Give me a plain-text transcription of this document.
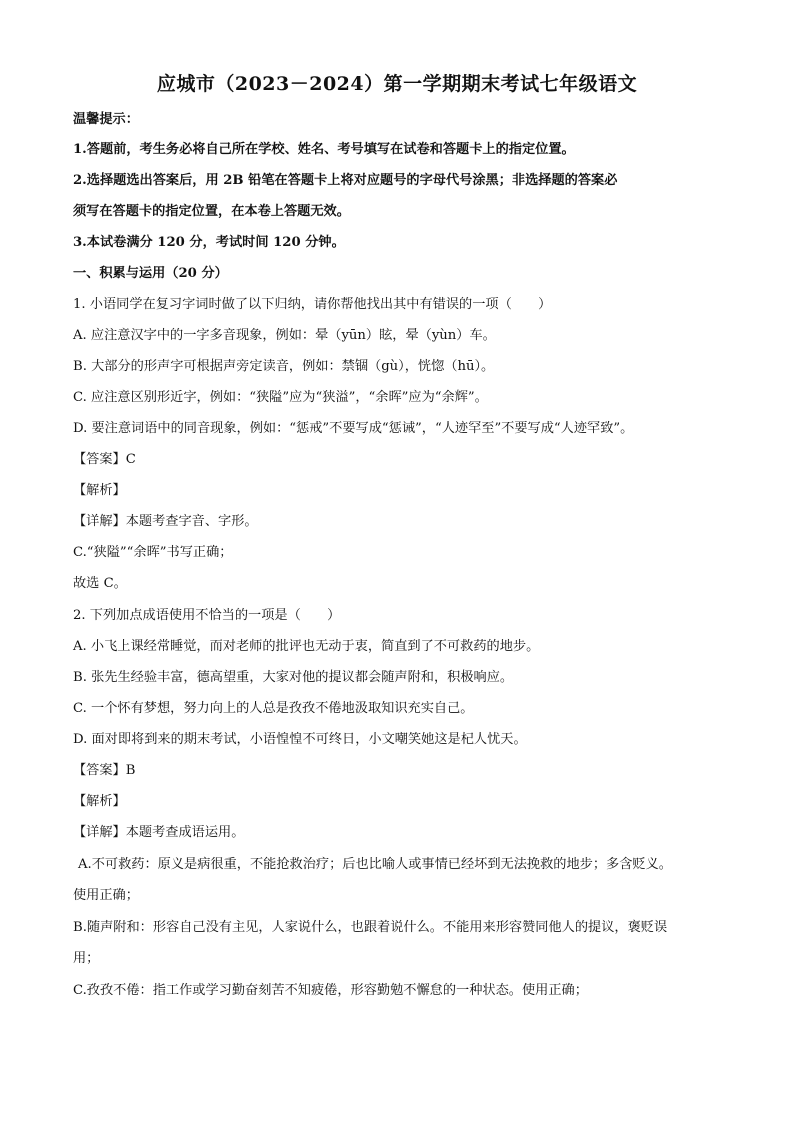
应城市（2023－2024）第一学期期末考试七年级语文
温馨提示：
1.答题前，考生务必将自己所在学校、姓名、考号填写在试卷和答题卡上的指定位置。
2.选择题选出答案后，用 2B 铅笔在答题卡上将对应题号的字母代号涂黑；非选择题的答案必
须写在答题卡的指定位置，在本卷上答题无效。
3.本试卷满分 120 分，考试时间 120 分钟。
一、积累与运用（20 分）
1. 小语同学在复习字词时做了以下归纳，请你帮他找出其中有错误的一项（　　）
A. 应注意汉字中的一字多音现象，例如：晕（yūn）眩，晕（yùn）车。
B. 大部分的形声字可根据声旁定读音，例如：禁锢（gù），恍惚（hū）。
C. 应注意区别形近字，例如：“狭隘”应为“狭溢”，“余晖”应为“余辉”。
D. 要注意词语中的同音现象，例如：“惩戒”不要写成“惩诫”，“人迹罕至”不要写成“人迹罕致”。
【答案】C
【解析】
【详解】本题考查字音、字形。
C.“狭隘”“余晖”书写正确；
故选 C。
2. 下列加点成语使用不恰当的一项是（　　）
A. 小飞上课经常睡觉，而对老师的批评也无动于衷，简直到了不可救药的地步。
B. 张先生经验丰富，德高望重，大家对他的提议都会随声附和，积极响应。
C. 一个怀有梦想，努力向上的人总是孜孜不倦地汲取知识充实自己。
D. 面对即将到来的期末考试，小语惶惶不可终日，小文嘲笑她这是杞人忧天。
【答案】B
【解析】
【详解】本题考查成语运用。
A.不可救药：原义是病很重，不能抢救治疗；后也比喻人或事情已经坏到无法挽救的地步；多含贬义。
使用正确；
B.随声附和：形容自己没有主见，人家说什么，也跟着说什么。不能用来形容赞同他人的提议，褒贬误
用；
C.孜孜不倦：指工作或学习勤奋刻苦不知疲倦，形容勤勉不懈怠的一种状态。使用正确；
